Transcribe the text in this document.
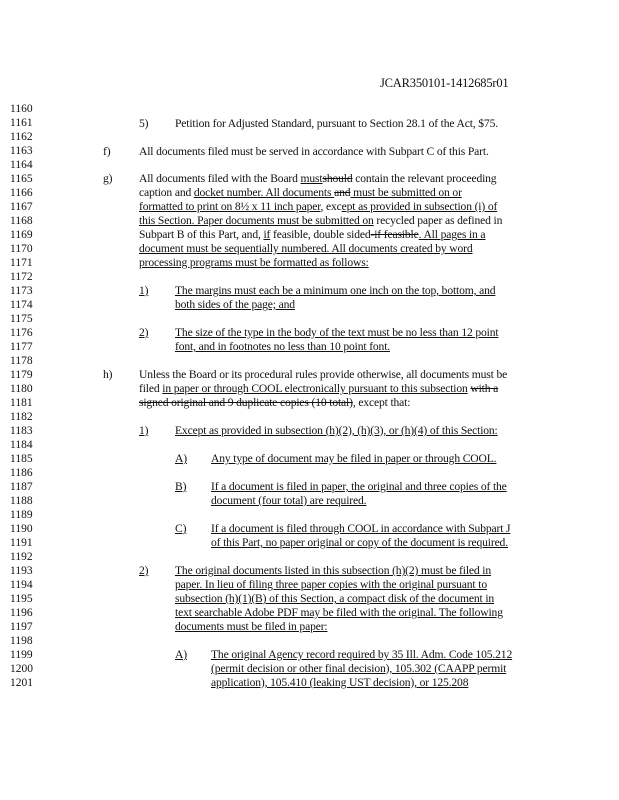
JCAR350101-1412685r01
1160
1161
1162
1163
1164
1165
1166
1167
1168
1169
1170
1171
1172
1173
1174
1175
1176
1177
1178
1179
1180
1181
1182
1183
1184
1185
1186
1187
1188
1189
1190
1191
1192
1193
1194
1195
1196
1197
1198
1199
1200
1201
5) Petition for Adjusted Standard, pursuant to Section 28.1 of the Act, $75.
f) All documents filed must be served in accordance with Subpart C of this Part.
g) All documents filed with the Board mustshould contain the relevant proceeding
caption and docket number. All documents and must be submitted on or
formatted to print on 8½ x 11 inch paper, except as provided in subsection (i) of
this Section. Paper documents must be submitted on recycled paper as defined in
Subpart B of this Part, and, if feasible, double sided-if feasible. All pages in a
document must be sequentially numbered. All documents created by word
processing programs must be formatted as follows:
1) The margins must each be a minimum one inch on the top, bottom, and
both sides of the page; and
2) The size of the type in the body of the text must be no less than 12 point
font, and in footnotes no less than 10 point font.
h) Unless the Board or its procedural rules provide otherwise, all documents must be
filed in paper or through COOL electronically pursuant to this subsection with a
signed original and 9 duplicate copies (10 total), except that:
1) Except as provided in subsection (h)(2), (h)(3), or (h)(4) of this Section:
A) Any type of document may be filed in paper or through COOL.
B) If a document is filed in paper, the original and three copies of the
document (four total) are required.
C) If a document is filed through COOL in accordance with Subpart J
of this Part, no paper original or copy of the document is required.
2) The original documents listed in this subsection (h)(2) must be filed in
paper. In lieu of filing three paper copies with the original pursuant to
subsection (h)(1)(B) of this Section, a compact disk of the document in
text searchable Adobe PDF may be filed with the original. The following
documents must be filed in paper:
A) The original Agency record required by 35 Ill. Adm. Code 105.212
(permit decision or other final decision), 105.302 (CAAPP permit
application), 105.410 (leaking UST decision), or 125.208
